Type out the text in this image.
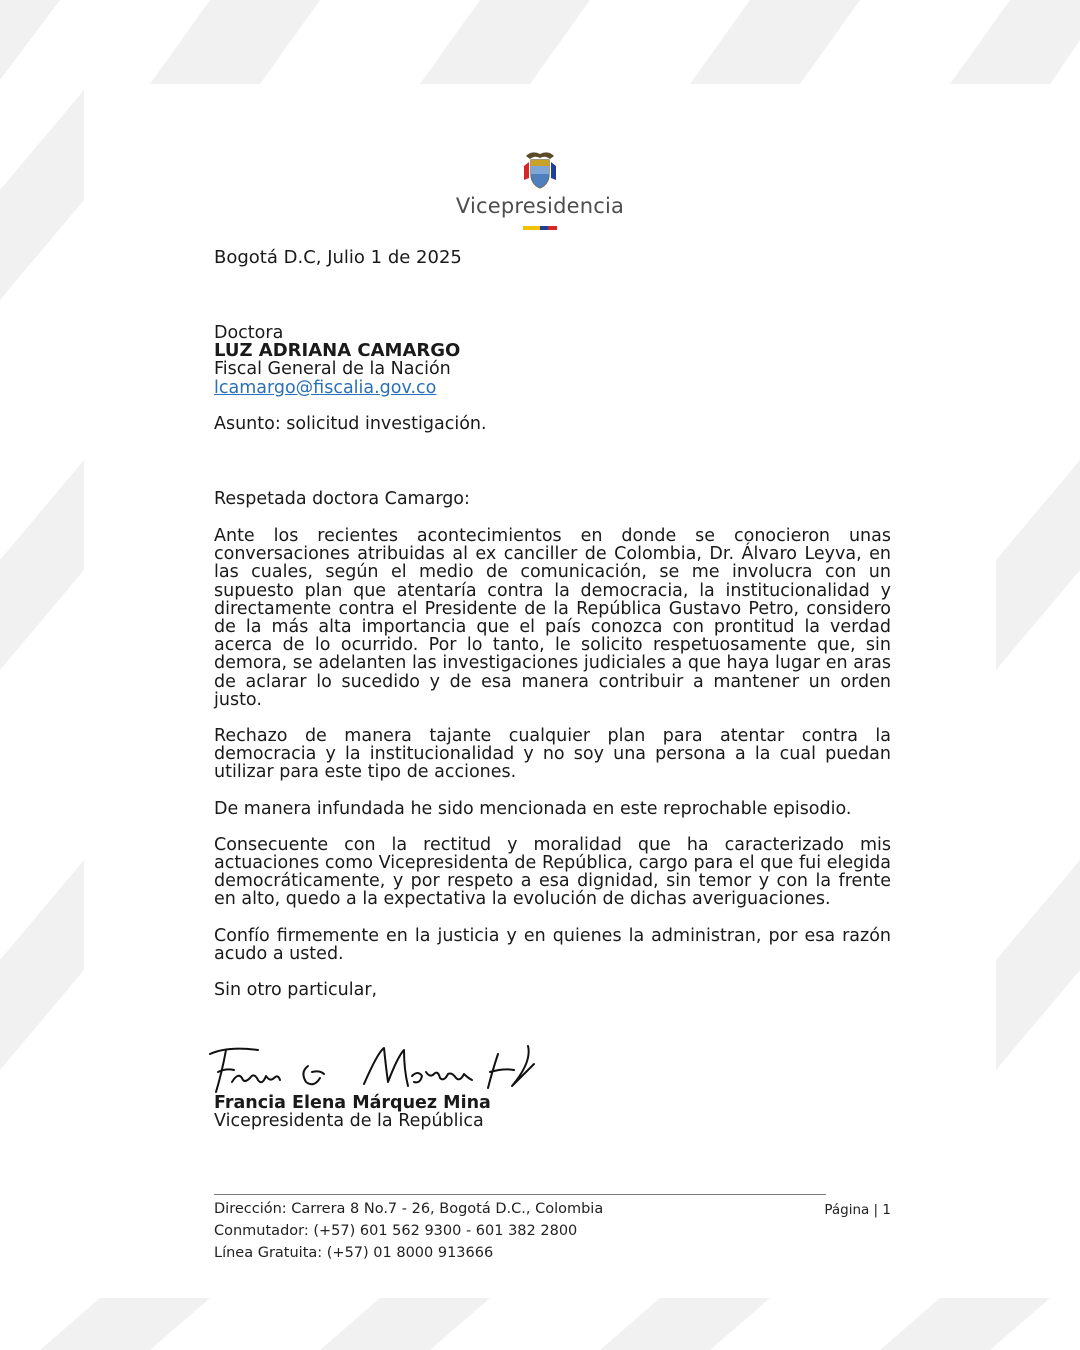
Vicepresidencia
Bogotá D.C, Julio 1 de 2025
Doctora
LUZ ADRIANA CAMARGO
Fiscal General de la Nación
lcamargo@fiscalia.gov.co
Asunto: solicitud investigación.
Respetada doctora Camargo:

Ante los recientes acontecimientos en donde se conocieron unas conversaciones atribuidas al ex canciller de Colombia, Dr. Álvaro Leyva, en las cuales, según el medio de comunicación, se me involucra con un supuesto plan que atentaría contra la democracia, la institucionalidad y directamente contra el Presidente de la República Gustavo Petro, considero de la más alta importancia que el país conozca con prontitud la verdad acerca de lo ocurrido. Por lo tanto, le solicito respetuosamente que, sin demora, se adelanten las investigaciones judiciales a que haya lugar en aras de aclarar lo sucedido y de esa manera contribuir a mantener un orden justo.

Rechazo de manera tajante cualquier plan para atentar contra la democracia y la institucionalidad y no soy una persona a la cual puedan utilizar para este tipo de acciones.

De manera infundada he sido mencionada en este reprochable episodio.

Consecuente con la rectitud y moralidad que ha caracterizado mis actuaciones como Vicepresidenta de República, cargo para el que fui elegida democráticamente, y por respeto a esa dignidad, sin temor y con la frente en alto, quedo a la expectativa la evolución de dichas averiguaciones.

Confío firmemente en la justicia y en quienes la administran, por esa razón acudo a usted.

Sin otro particular,

Francia Elena Márquez Mina
Vicepresidenta de la República
Dirección: Carrera 8 No.7 - 26, Bogotá D.C., Colombia
Conmutador: (+57) 601 562 9300 - 601 382 2800
Línea Gratuita: (+57) 01 8000 913666
Página | 1
